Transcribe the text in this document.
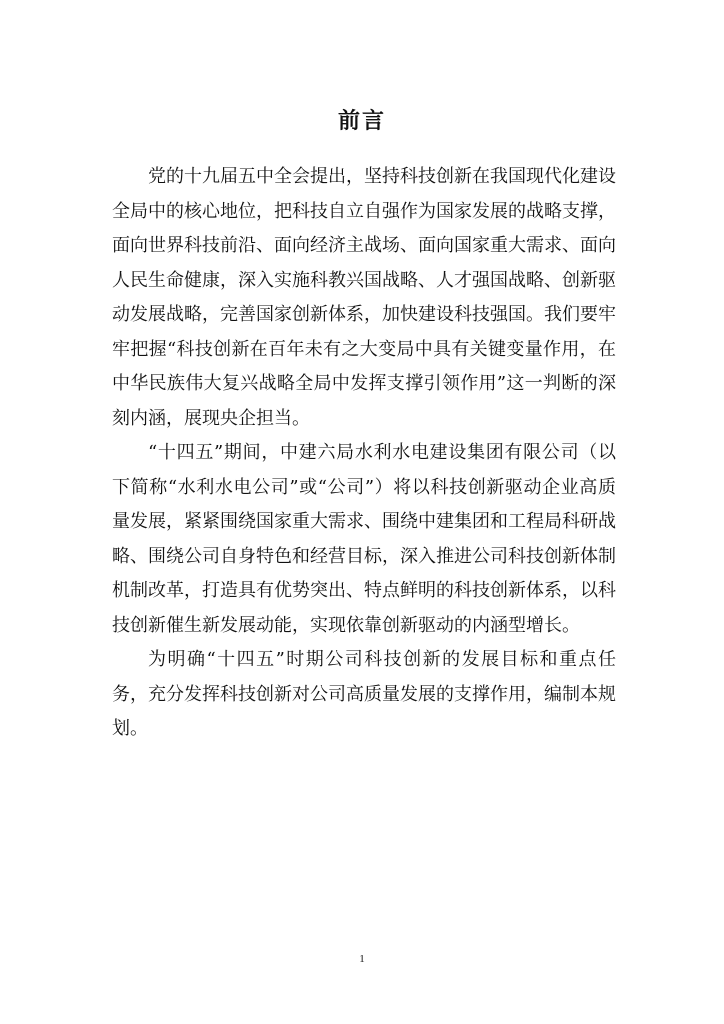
前言

党的十九届五中全会提出，坚持科技创新在我国现代化建设全局中的核心地位，把科技自立自强作为国家发展的战略支撑，面向世界科技前沿、面向经济主战场、面向国家重大需求、面向人民生命健康，深入实施科教兴国战略、人才强国战略、创新驱动发展战略，完善国家创新体系，加快建设科技强国。我们要牢牢把握“科技创新在百年未有之大变局中具有关键变量作用，在中华民族伟大复兴战略全局中发挥支撑引领作用”这一判断的深刻内涵，展现央企担当。

“十四五”期间，中建六局水利水电建设集团有限公司（以下简称“水利水电公司”或“公司”）将以科技创新驱动企业高质量发展，紧紧围绕国家重大需求、围绕中建集团和工程局科研战略、围绕公司自身特色和经营目标，深入推进公司科技创新体制机制改革，打造具有优势突出、特点鲜明的科技创新体系，以科技创新催生新发展动能，实现依靠创新驱动的内涵型增长。

为明确“十四五”时期公司科技创新的发展目标和重点任务，充分发挥科技创新对公司高质量发展的支撑作用，编制本规划。

1
